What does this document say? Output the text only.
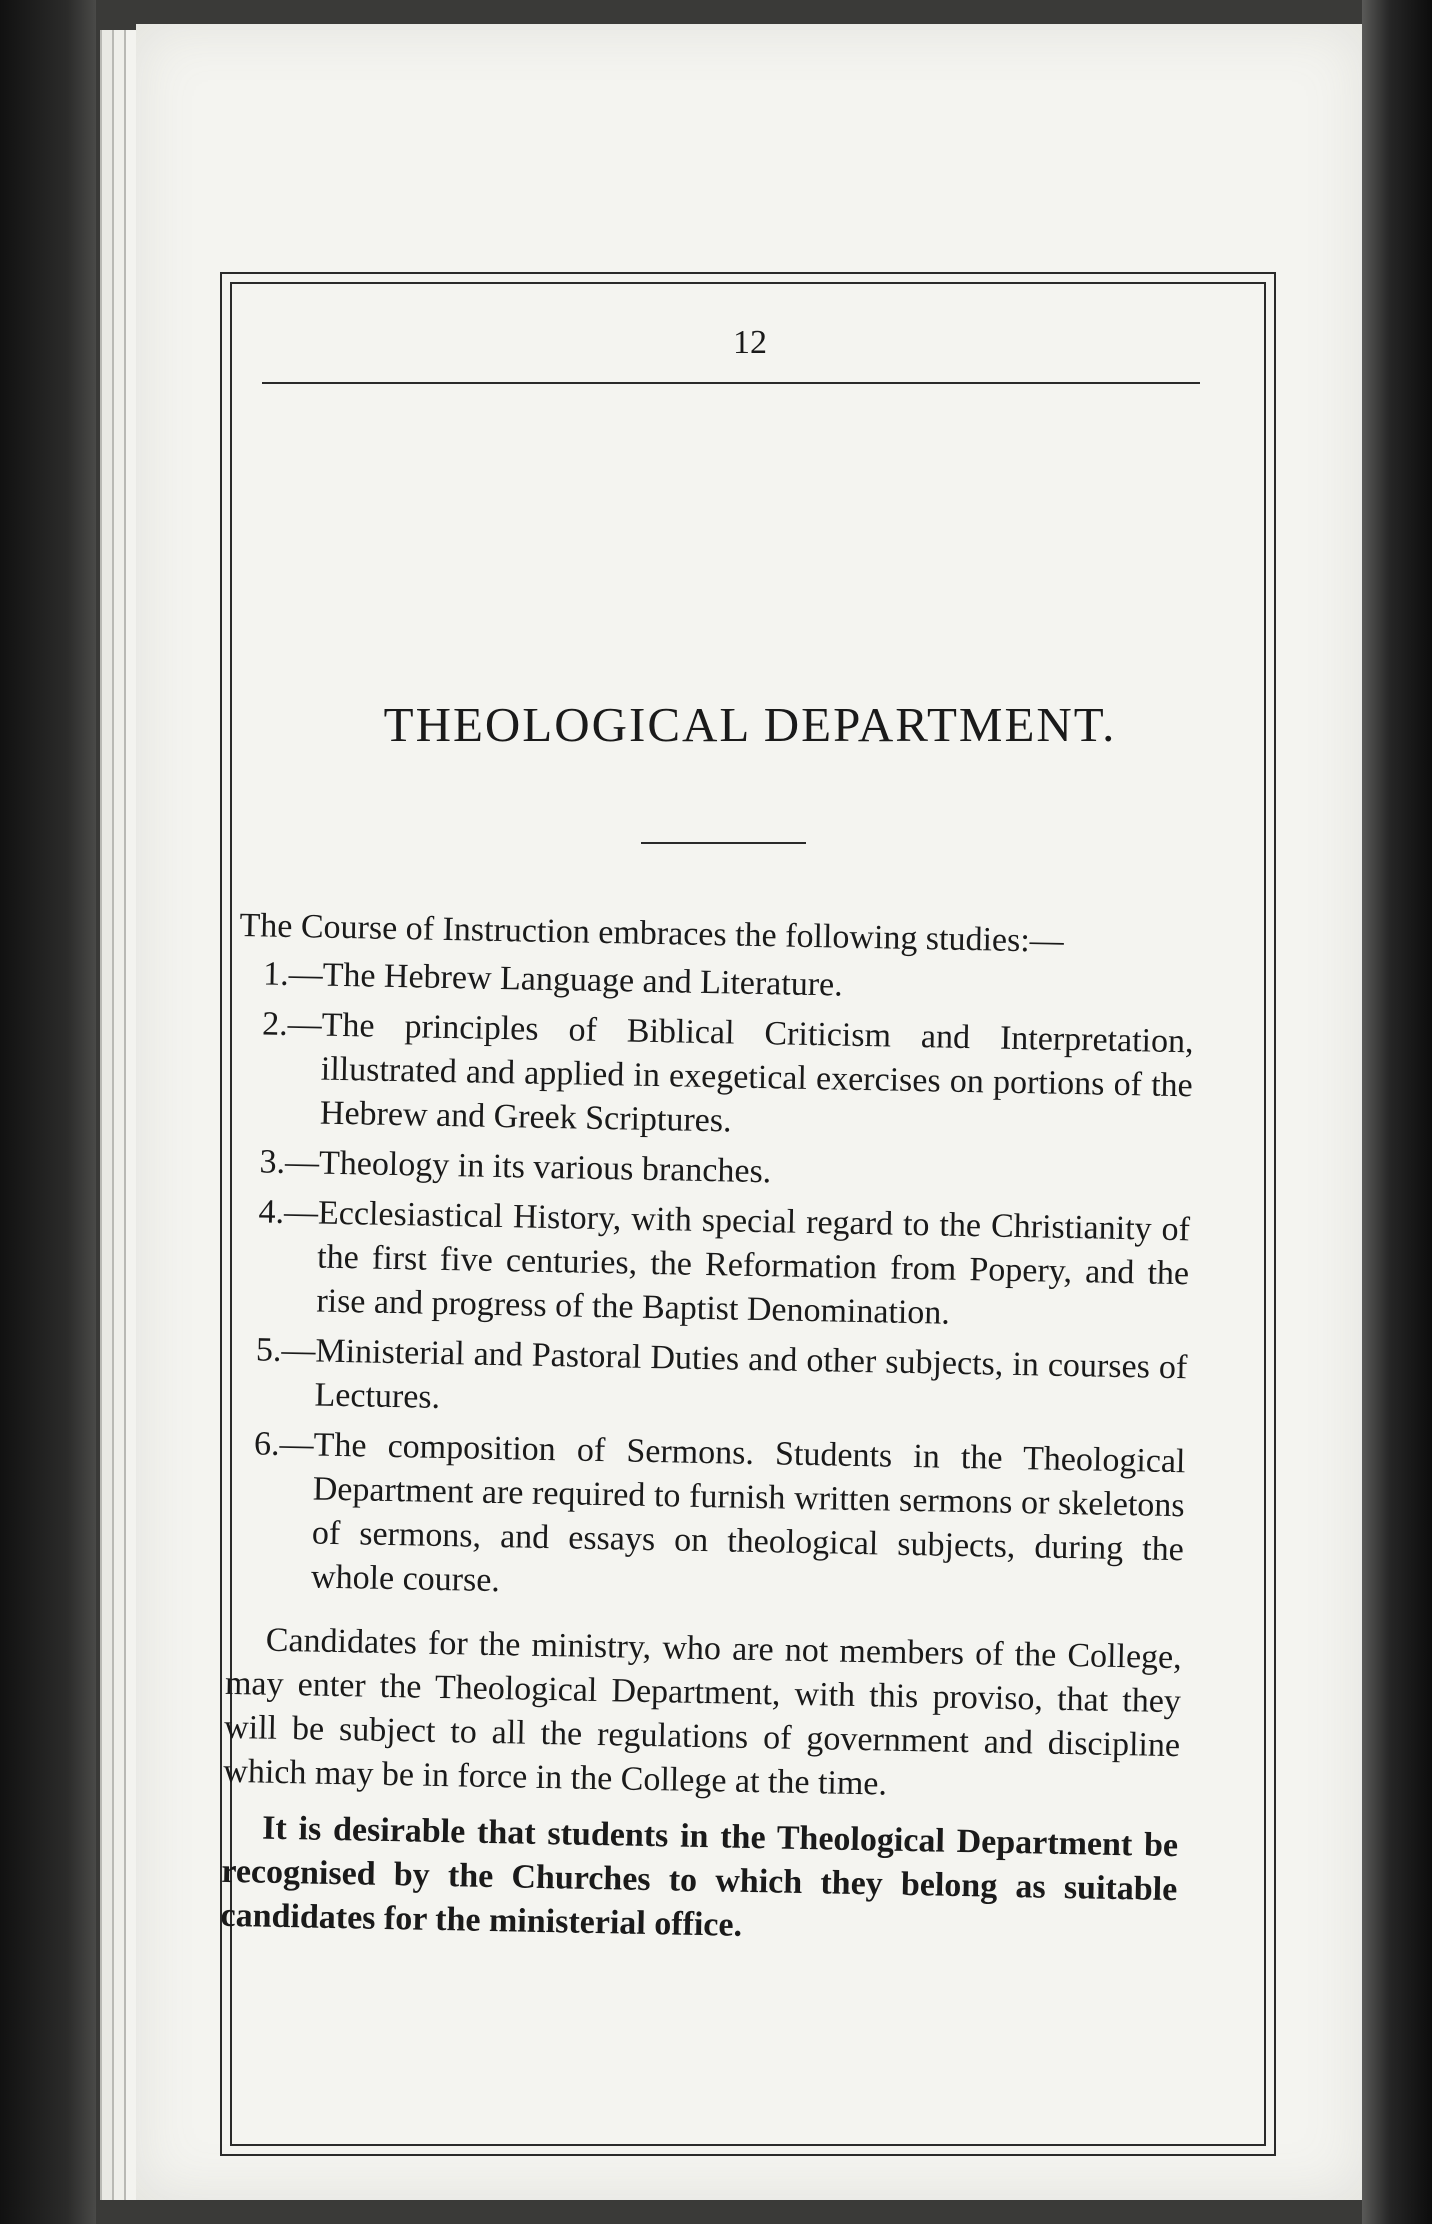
12
THEOLOGICAL DEPARTMENT.

The Course of Instruction embraces the following studies:—

1.— The Hebrew Language and Literature.
2.— The principles of Biblical Criticism and Interpretation, illustrated and applied in exegetical exercises on portions of the Hebrew and Greek Scriptures.
3.— Theology in its various branches.
4.— Ecclesiastical History, with special regard to the Christianity of the first five centuries, the Reformation from Popery, and the rise and progress of the Baptist Denomination.
5.— Ministerial and Pastoral Duties and other subjects, in courses of Lectures.
6.— The composition of Sermons. Students in the Theological Department are required to furnish written sermons or skeletons of sermons, and essays on theological subjects, during the whole course.

Candidates for the ministry, who are not members of the College, may enter the Theological Department, with this proviso, that they will be subject to all the regulations of government and discipline which may be in force in the College at the time.

It is desirable that students in the Theological Department be recognised by the Churches to which they belong as suitable candidates for the ministerial office.
